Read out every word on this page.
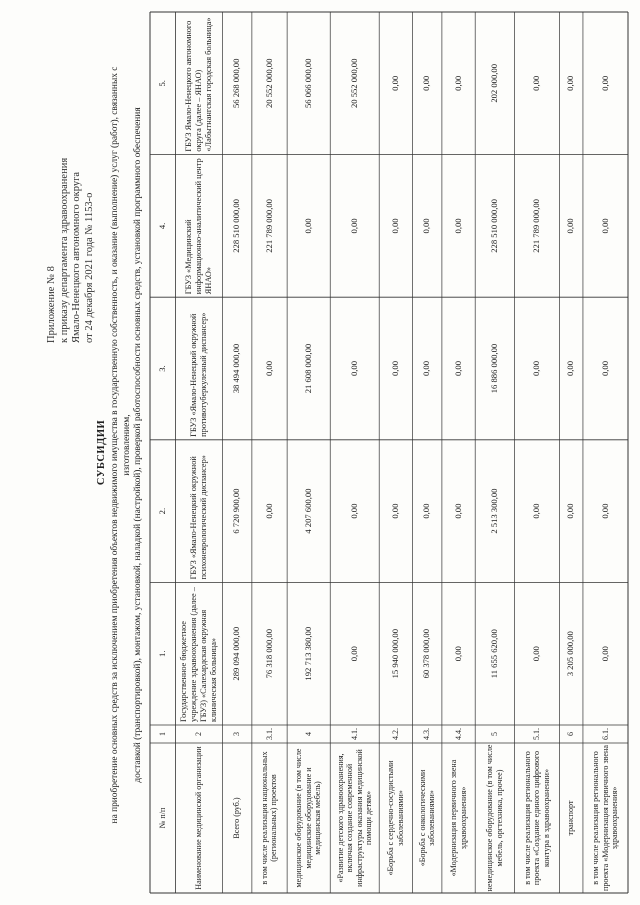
Приложение № 8 к приказу департамента здравоохранения Ямало-Ненецкого автономного округа от 24 декабря 2021 года № 1153-о
СУБСИДИИ на приобретение основных средств за исключением приобретения объектов недвижимого имущества в государственную собственность, и оказание (выполнение) услуг (работ), связанных с изготовлением, доставкой (транспортировкой), монтажом, установкой, наладкой (настройкой), проверкой работоспособности основных средств, установкой программного обеспечения
№ п/п
1
1.
2.
3.
4.
5.
Наименование медицинской организации
2
Государственное бюджетное учреждение здравоохранения (далее – ГБУЗ) «Салехардская окружная клиническая больница»
ГБУЗ «Ямало-Ненецкий окружной психоневрологический диспансер»
ГБУЗ «Ямало-Ненецкий окружной противотуберкулезный диспансер»
ГБУЗ «Медицинский информационно-аналитический центр ЯНАО»
ГБУЗ Ямало-Ненецкого автономного округа (далее – ЯНАО) «Лабытнангская городская больница»
Всего (руб.)
3
289 094 000,00
6 720 900,00
38 494 000,00
228 510 000,00
56 268 000,00
в том числе реализация национальных (региональных) проектов
3.1.
76 318 000,00
0,00
0,00
221 789 000,00
20 552 000,00
медицинское оборудование (в том числе медицинские оборудование и медицинская мебель)
4
192 713 380,00
4 207 600,00
21 608 000,00
0,00
56 066 000,00
«Развитие детского здравоохранения, включая создание современной инфраструктуры оказания медицинской помощи детям»
4.1.
0,00
0,00
0,00
0,00
20 552 000,00
«Борьба с сердечно-сосудистыми заболеваниями»
4.2.
15 940 000,00
0,00
0,00
0,00
0,00
«Борьба с онкологическими заболеваниями»
4.3.
60 378 000,00
0,00
0,00
0,00
0,00
«Модернизация первичного звена здравоохранения»
4.4.
0,00
0,00
0,00
0,00
0,00
немедицинское оборудование (в том числе мебель, оргтехника, прочее)
5
11 655 620,00
2 513 300,00
16 886 000,00
228 510 000,00
202 000,00
в том числе реализация регионального проекта «Создание единого цифрового контура в здравоохранении»
5.1.
0,00
0,00
0,00
221 789 000,00
0,00
транспорт
6
3 205 000,00
0,00
0,00
0,00
0,00
в том числе реализация регионального проекта «Модернизация первичного звена здравоохранения»
6.1.
0,00
0,00
0,00
0,00
0,00
